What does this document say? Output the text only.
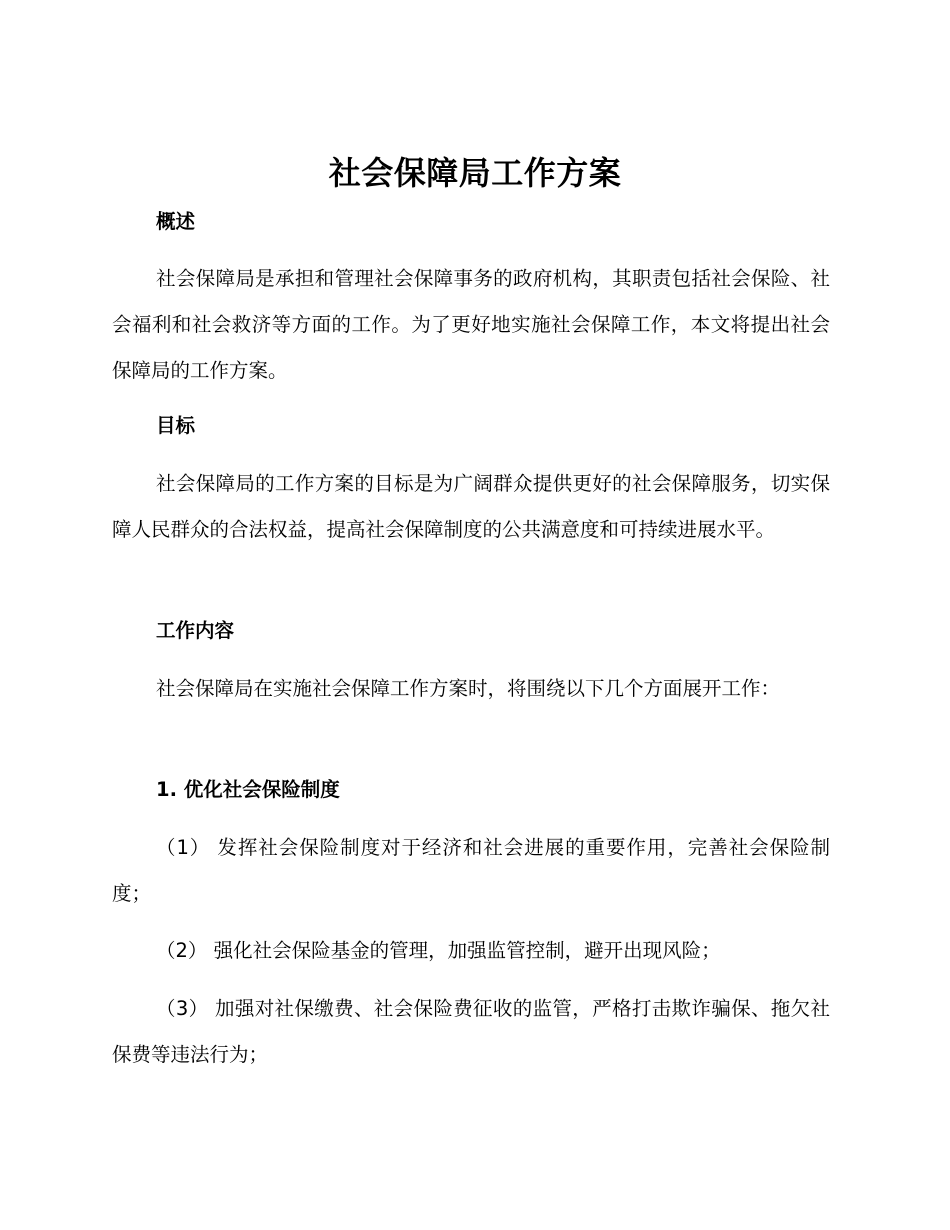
社会保障局工作方案
概述
社会保障局是承担和管理社会保障事务的政府机构，其职责包括社会保险、社会福利和社会救济等方面的工作。为了更好地实施社会保障工作，本文将提出社会保障局的工作方案。
目标
社会保障局的工作方案的目标是为广阔群众提供更好的社会保障服务，切实保障人民群众的合法权益，提高社会保障制度的公共满意度和可持续进展水平。
工作内容
社会保障局在实施社会保障工作方案时，将围绕以下几个方面展开工作：
1. 优化社会保险制度
（1） 发挥社会保险制度对于经济和社会进展的重要作用，完善社会保险制度；
（2） 强化社会保险基金的管理，加强监管控制，避开出现风险；
（3） 加强对社保缴费、社会保险费征收的监管，严格打击欺诈骗保、拖欠社保费等违法行为；
